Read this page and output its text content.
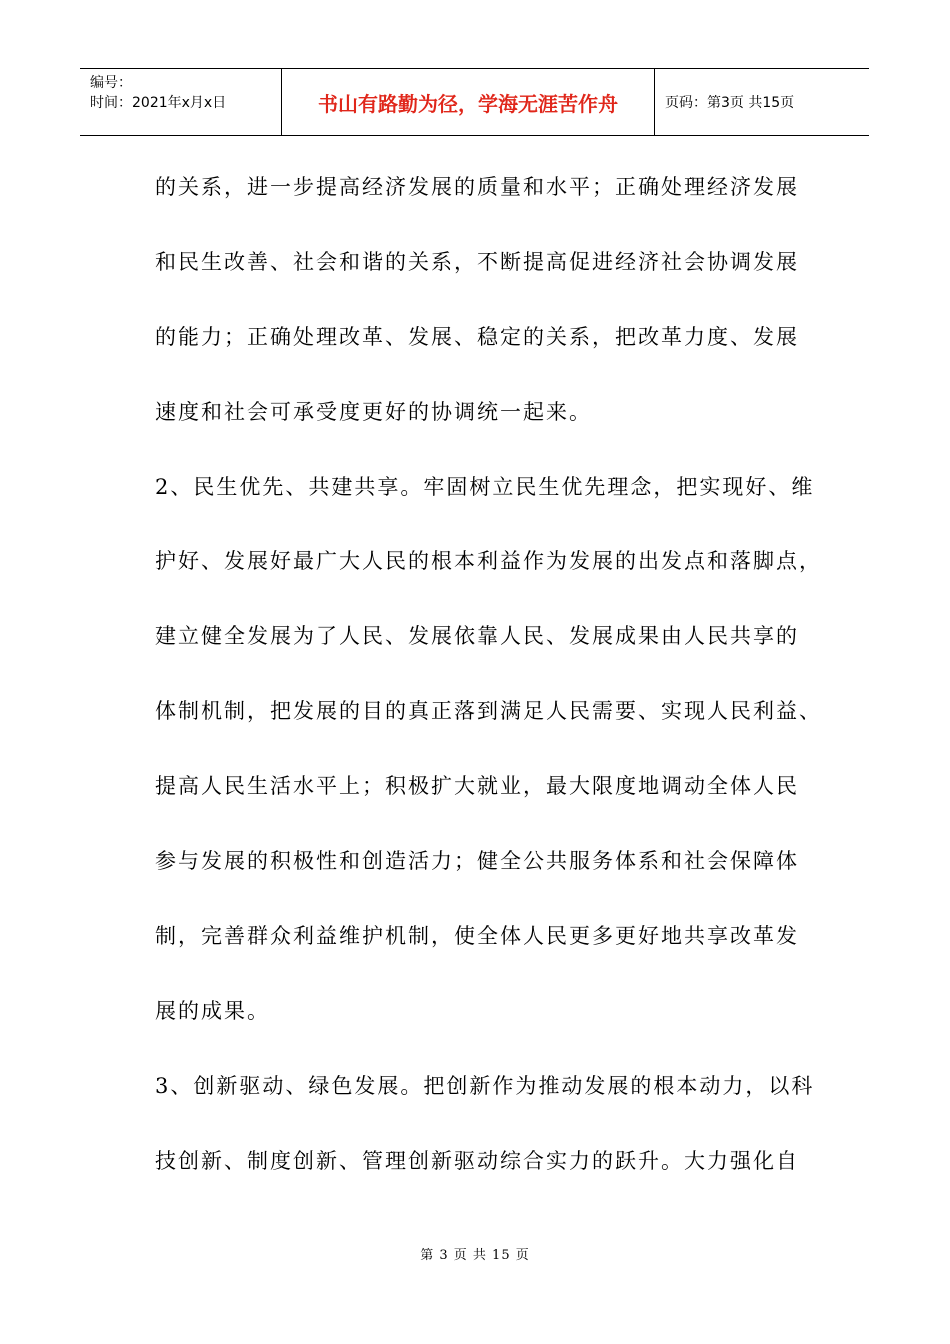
编号：
时间：2021年x月x日	书山有路勤为径，学海无涯苦作舟	页码：第3页 共15页
的关系，进一步提高经济发展的质量和水平；正确处理经济发展
和民生改善、社会和谐的关系，不断提高促进经济社会协调发展
的能力；正确处理改革、发展、稳定的关系，把改革力度、发展
速度和社会可承受度更好的协调统一起来。
2、民生优先、共建共享。牢固树立民生优先理念，把实现好、维
护好、发展好最广大人民的根本利益作为发展的出发点和落脚点，
建立健全发展为了人民、发展依靠人民、发展成果由人民共享的
体制机制，把发展的目的真正落到满足人民需要、实现人民利益、
提高人民生活水平上；积极扩大就业，最大限度地调动全体人民
参与发展的积极性和创造活力；健全公共服务体系和社会保障体
制，完善群众利益维护机制，使全体人民更多更好地共享改革发
展的成果。
3、创新驱动、绿色发展。把创新作为推动发展的根本动力，以科
技创新、制度创新、管理创新驱动综合实力的跃升。大力强化自
第 3 页 共 15 页
